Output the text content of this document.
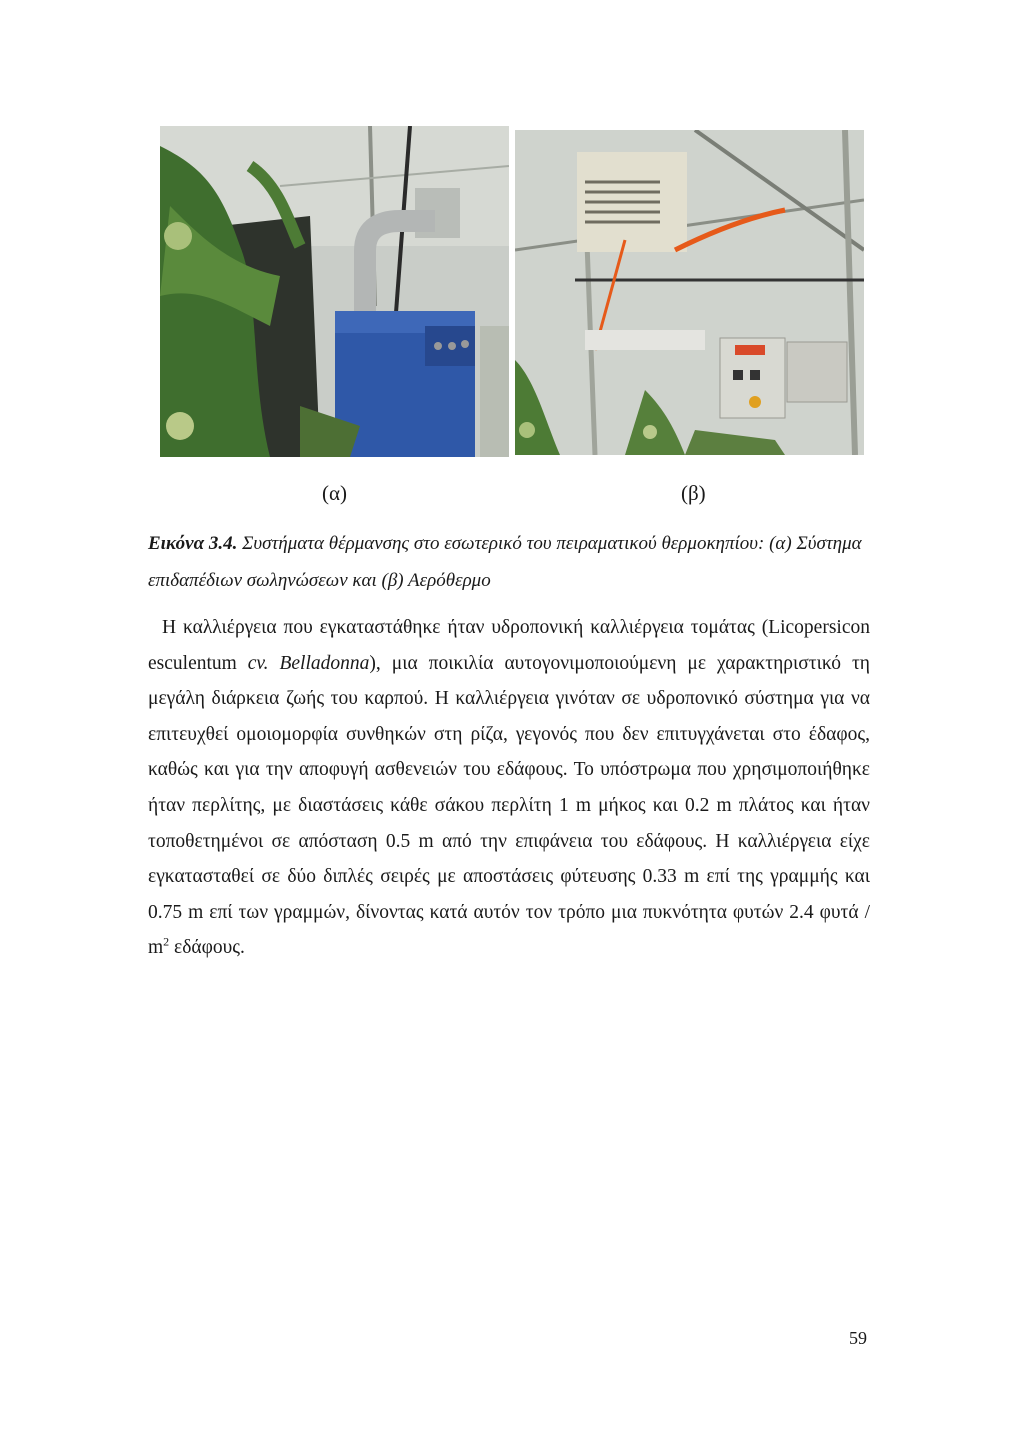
(α)	(β)
Εικόνα 3.4. Συστήματα θέρμανσης στο εσωτερικό του πειραματικού θερμοκηπίου: (α) Σύστημα επιδαπέδιων σωληνώσεων και (β) Αερόθερμο
Η καλλιέργεια που εγκαταστάθηκε ήταν υδροπονική καλλιέργεια τομάτας (Licopersicon esculentum cv. Belladonna), μια ποικιλία αυτογονιμοποιούμενη με χαρακτηριστικό τη μεγάλη διάρκεια ζωής του καρπού. Η καλλιέργεια γινόταν σε υδροπονικό σύστημα για να επιτευχθεί ομοιομορφία συνθηκών στη ρίζα, γεγονός που δεν επιτυγχάνεται στο έδαφος, καθώς και για την αποφυγή ασθενειών του εδάφους. Το υπόστρωμα που χρησιμοποιήθηκε ήταν περλίτης, με διαστάσεις κάθε σάκου περλίτη 1 m μήκος και 0.2 m πλάτος και ήταν τοποθετημένοι σε απόσταση 0.5 m από την επιφάνεια του εδάφους. Η καλλιέργεια είχε εγκατασταθεί σε δύο διπλές σειρές με αποστάσεις φύτευσης 0.33 m επί της γραμμής και 0.75 m επί των γραμμών, δίνοντας κατά αυτόν τον τρόπο μια πυκνότητα φυτών 2.4 φυτά / $m^2$ εδάφους.
59
